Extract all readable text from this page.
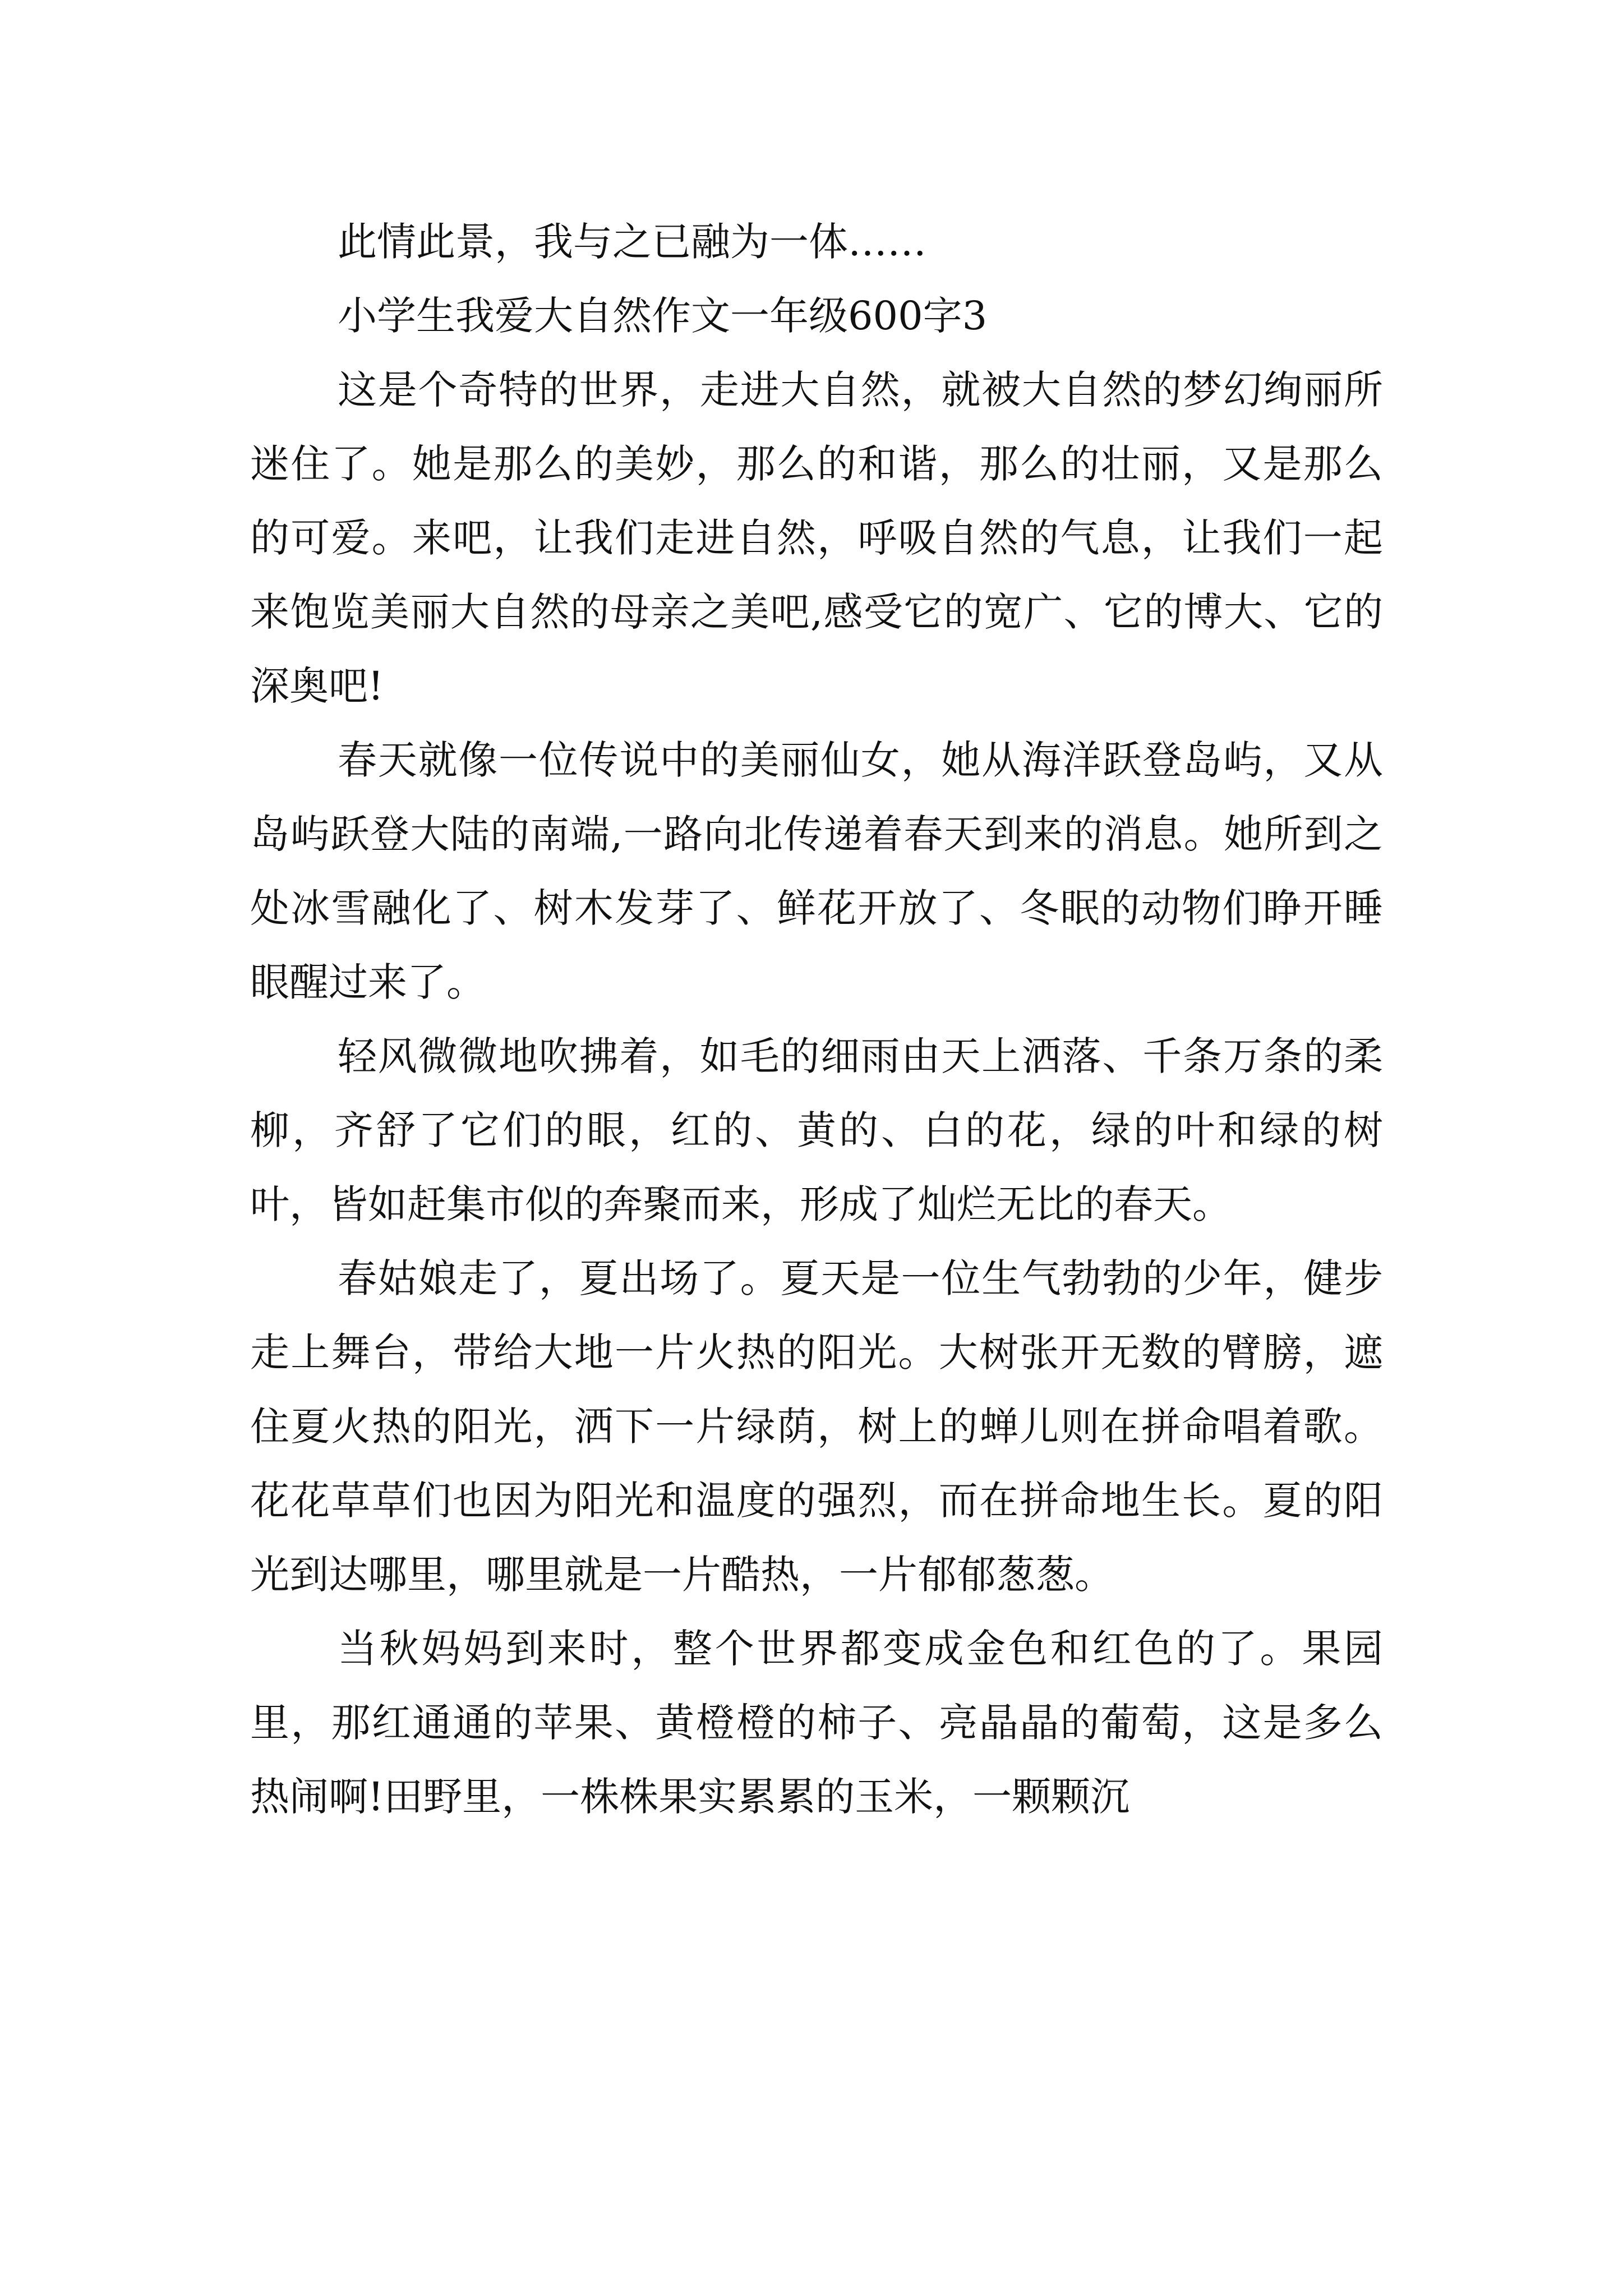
此情此景，我与之已融为一体……

小学生我爱大自然作文一年级600字3

这是个奇特的世界，走进大自然，就被大自然的梦幻绚丽所迷住了。她是那么的美妙，那么的和谐，那么的壮丽，又是那么的可爱。来吧，让我们走进自然，呼吸自然的气息，让我们一起来饱览美丽大自然的母亲之美吧,感受它的宽广、它的博大、它的深奥吧!

春天就像一位传说中的美丽仙女，她从海洋跃登岛屿，又从岛屿跃登大陆的南端,一路向北传递着春天到来的消息。她所到之处冰雪融化了、树木发芽了、鲜花开放了、冬眠的动物们睁开睡眼醒过来了。

轻风微微地吹拂着，如毛的细雨由天上洒落、千条万条的柔柳，齐舒了它们的眼，红的、黄的、白的花，绿的叶和绿的树叶，皆如赶集市似的奔聚而来，形成了灿烂无比的春天。

春姑娘走了，夏出场了。夏天是一位生气勃勃的少年，健步走上舞台，带给大地一片火热的阳光。大树张开无数的臂膀，遮住夏火热的阳光，洒下一片绿荫，树上的蝉儿则在拼命唱着歌。花花草草们也因为阳光和温度的强烈，而在拼命地生长。夏的阳光到达哪里，哪里就是一片酷热，一片郁郁葱葱。

当秋妈妈到来时，整个世界都变成金色和红色的了。果园里，那红通通的苹果、黄橙橙的柿子、亮晶晶的葡萄，这是多么热闹啊!田野里，一株株果实累累的玉米，一颗颗沉
